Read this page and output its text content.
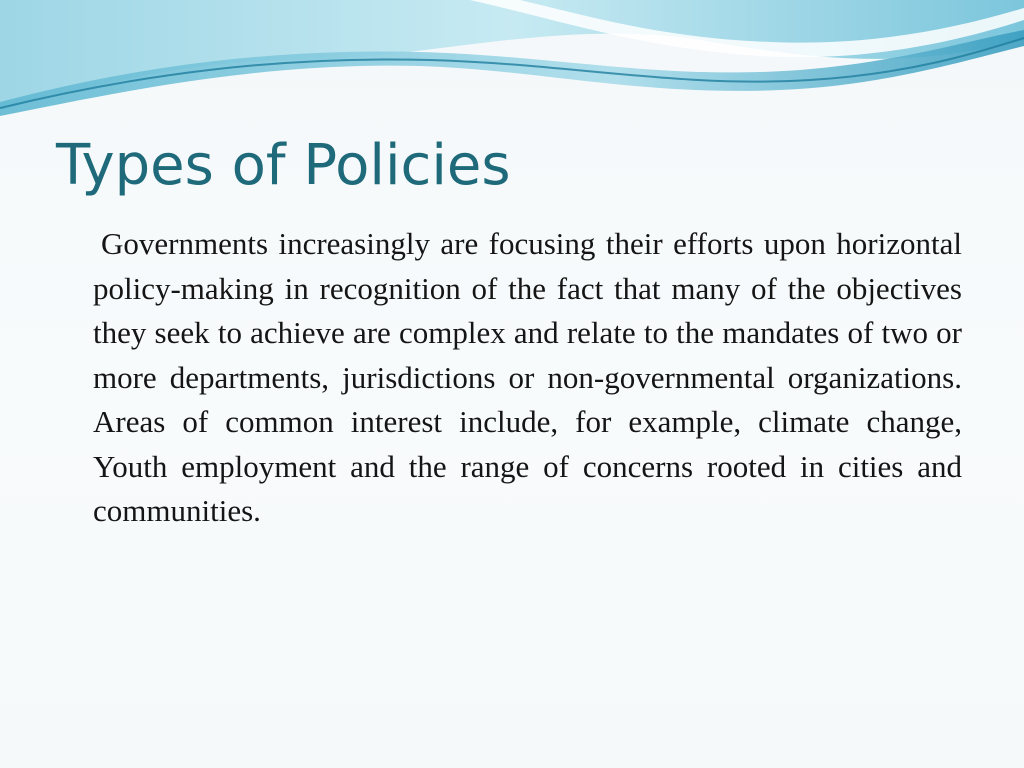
Types of Policies

Governments increasingly are focusing their efforts upon horizontal policy-making in recognition of the fact that many of the objectives they seek to achieve are complex and relate to the mandates of two or more departments, jurisdictions or non-governmental organizations. Areas of common interest include, for example, climate change, Youth employment and the range of concerns rooted in cities and communities.
